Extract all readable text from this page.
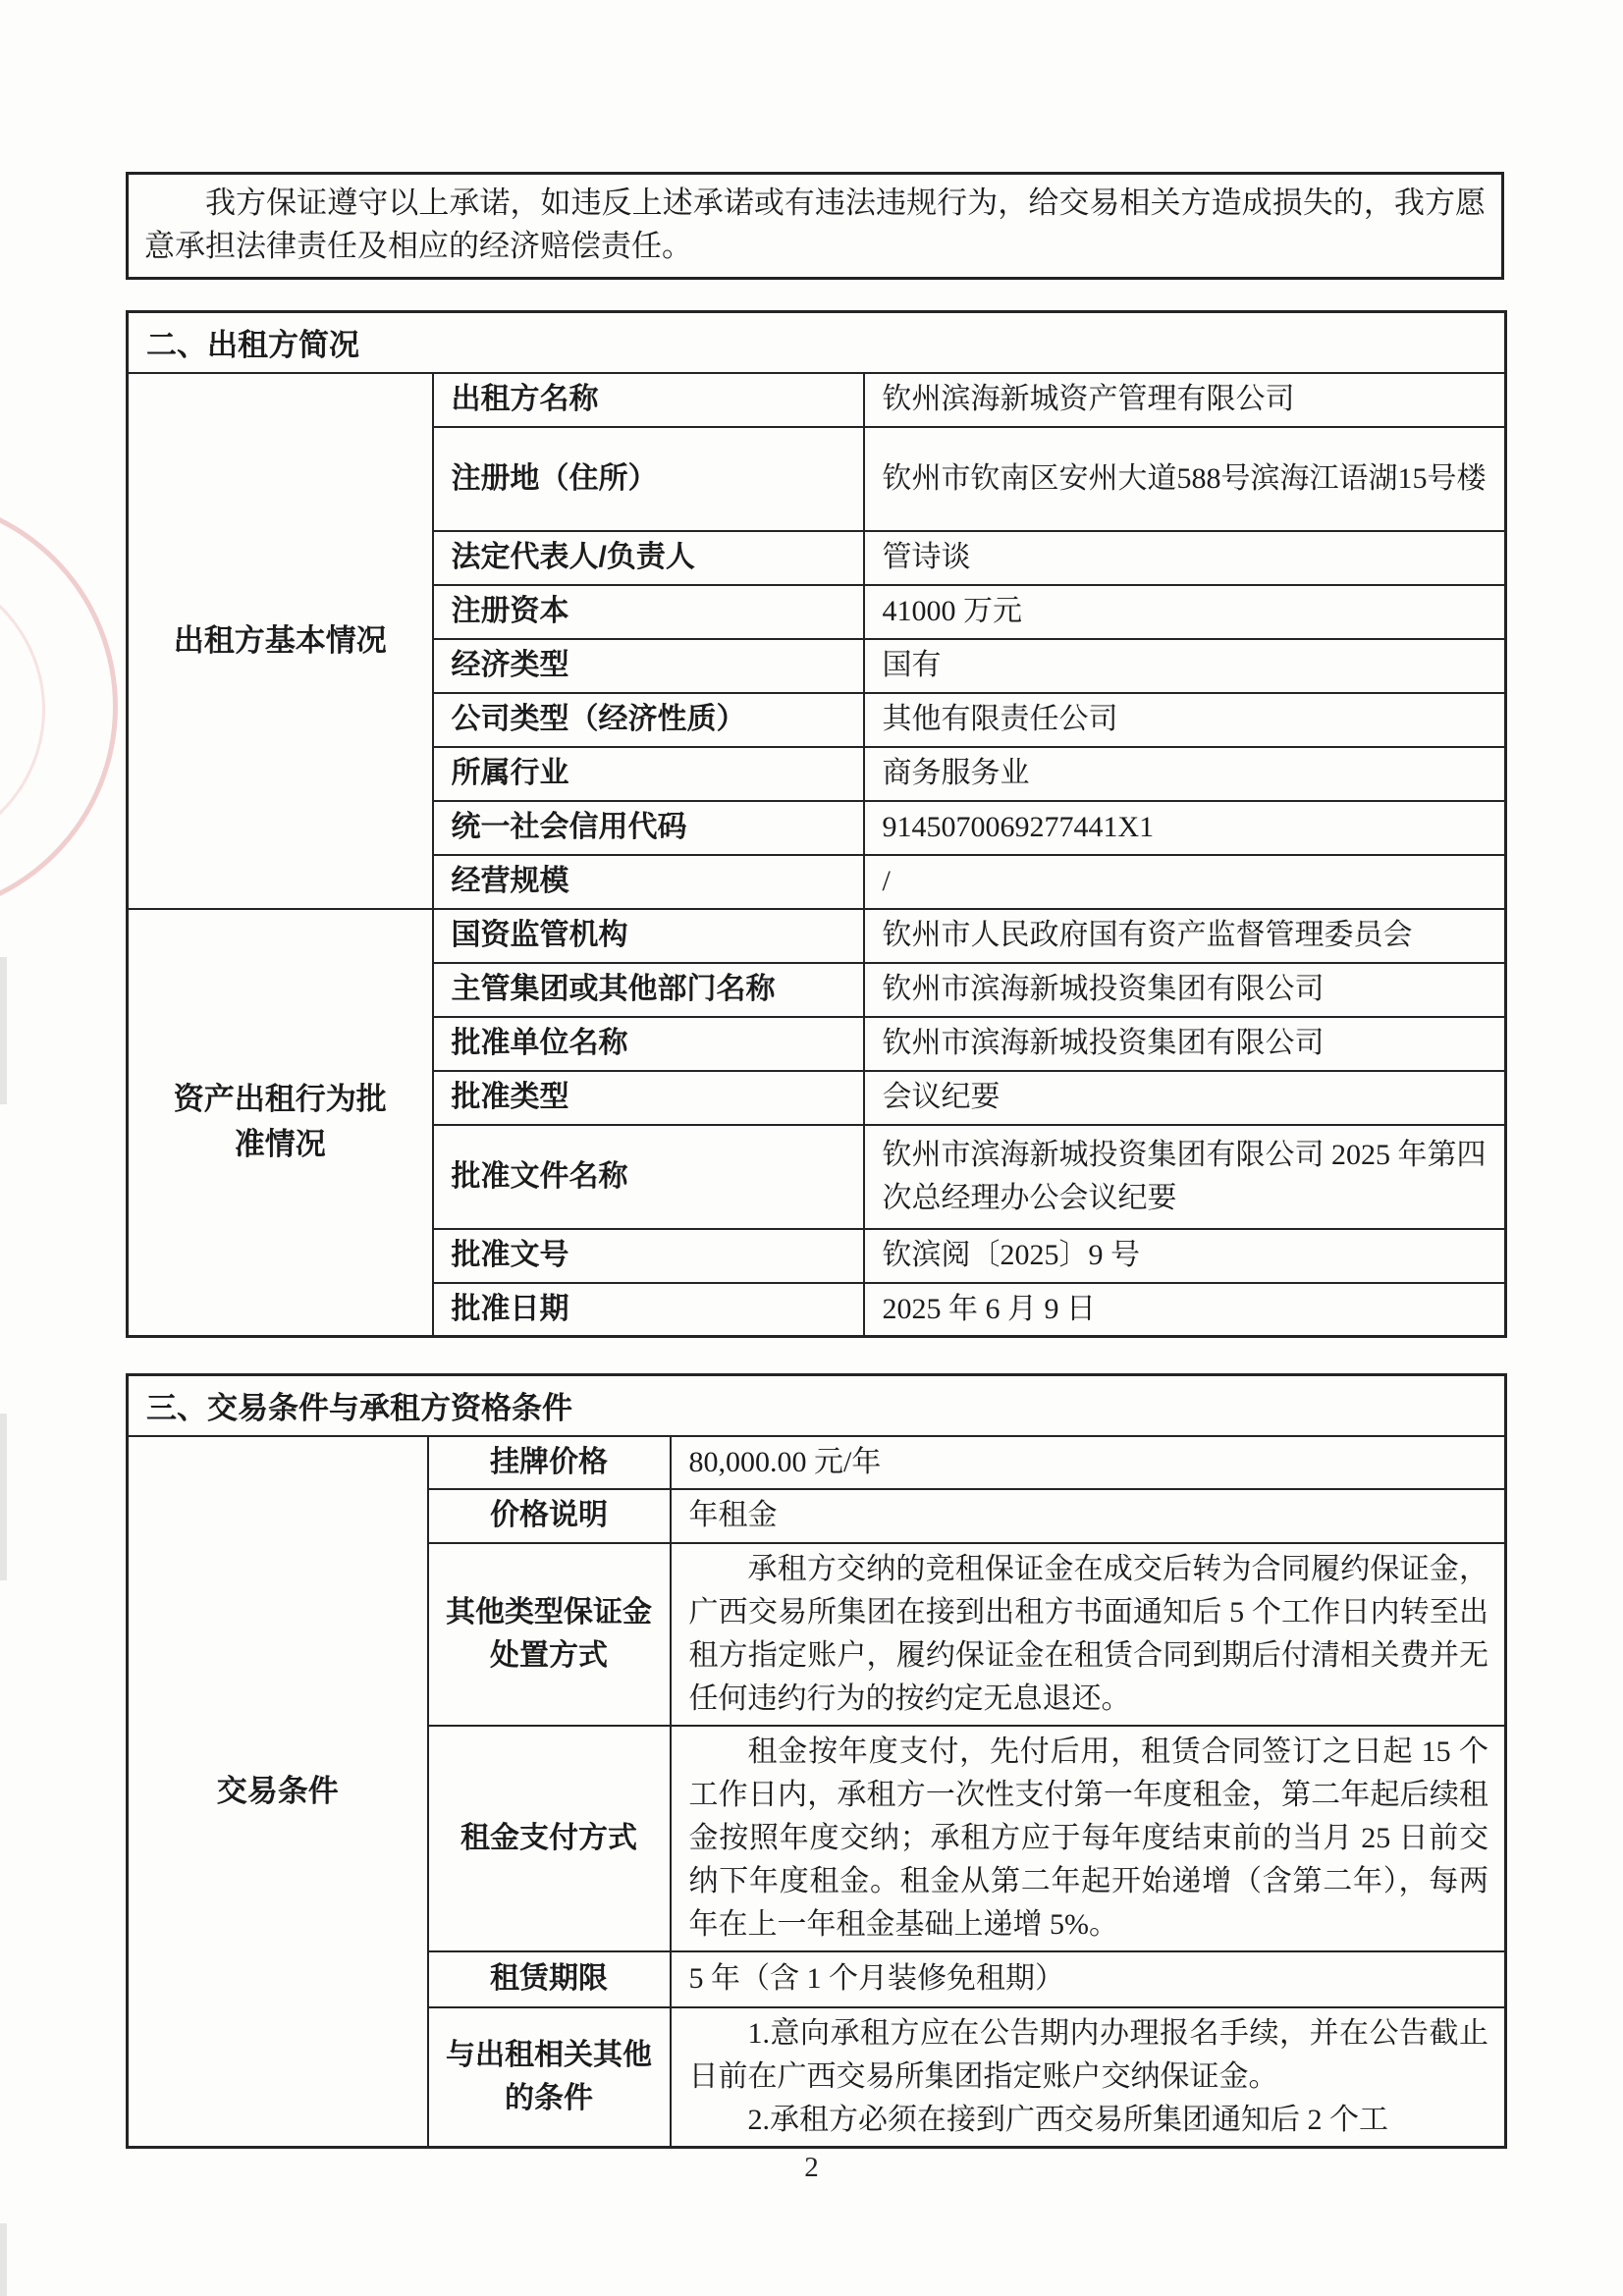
我方保证遵守以上承诺，如违反上述承诺或有违法违规行为，给交易相关方造成损失的，我方愿意承担法律责任及相应的经济赔偿责任。

二、出租方简况		
出租方基本情况	出租方名称	钦州滨海新城资产管理有限公司
	注册地（住所）	钦州市钦南区安州大道588号滨海江语湖15号楼
	法定代表人/负责人	管诗谈
	注册资本	41000 万元
	经济类型	国有
	公司类型（经济性质）	其他有限责任公司
	所属行业	商务服务业
	统一社会信用代码	9145070069277441X1
	经营规模	/
资产出租行为批准情况	国资监管机构	钦州市人民政府国有资产监督管理委员会
	主管集团或其他部门名称	钦州市滨海新城投资集团有限公司
	批准单位名称	钦州市滨海新城投资集团有限公司
	批准类型	会议纪要
	批准文件名称	钦州市滨海新城投资集团有限公司 2025 年第四次总经理办公会议纪要
	批准文号	钦滨阅〔2025〕9 号
	批准日期	2025 年 6 月 9 日
三、交易条件与承租方资格条件		
交易条件	挂牌价格	80,000.00 元/年
	价格说明	年租金
	其他类型保证金处置方式	承租方交纳的竞租保证金在成交后转为合同履约保证金，广西交易所集团在接到出租方书面通知后 5 个工作日内转至出租方指定账户，履约保证金在租赁合同到期后付清相关费并无任何违约行为的按约定无息退还。

	租金支付方式	租金按年度支付，先付后用，租赁合同签订之日起 15 个工作日内，承租方一次性支付第一年度租金，第二年起后续租金按照年度交纳；承租方应于每年度结束前的当月 25 日前交纳下年度租金。租金从第二年起开始递增（含第二年），每两年在上一年租金基础上递增 5%。

	租赁期限	5 年（含 1 个月装修免租期）
	与出租相关其他的条件	1.意向承租方应在公告期内办理报名手续，并在公告截止日前在广西交易所集团指定账户交纳保证金。

2.承租方必须在接到广西交易所集团通知后 2 个工

2
